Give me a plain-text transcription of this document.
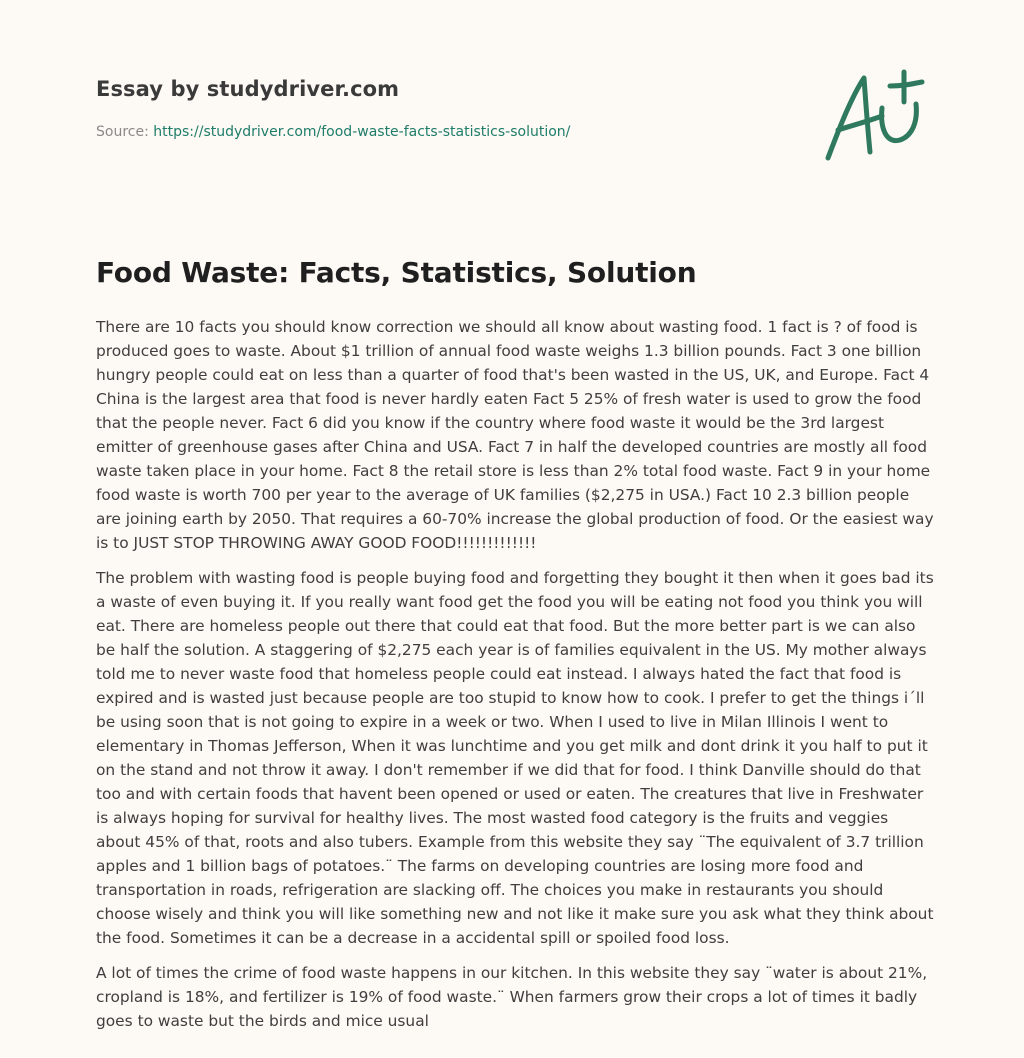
Essay by studydriver.com

Source: https://studydriver.com/food-waste-facts-statistics-solution/

Food Waste: Facts, Statistics, Solution

There are 10 facts you should know correction we should all know about wasting food. 1 fact is ? of food is produced goes to waste. About $1 trillion of annual food waste weighs 1.3 billion pounds. Fact 3 one billion hungry people could eat on less than a quarter of food that's been wasted in the US, UK, and Europe. Fact 4 China is the largest area that food is never hardly eaten Fact 5 25% of fresh water is used to grow the food that the people never. Fact 6 did you know if the country where food waste it would be the 3rd largest emitter of greenhouse gases after China and USA. Fact 7 in half the developed countries are mostly all food waste taken place in your home. Fact 8 the retail store is less than 2% total food waste. Fact 9 in your home food waste is worth 700 per year to the average of UK families ($2,275 in USA.) Fact 10 2.3 billion people are joining earth by 2050. That requires a 60-70% increase the global production of food. Or the easiest way is to JUST STOP THROWING AWAY GOOD FOOD!!!!!!!!!!!!!

The problem with wasting food is people buying food and forgetting they bought it then when it goes bad its a waste of even buying it. If you really want food get the food you will be eating not food you think you will eat. There are homeless people out there that could eat that food. But the more better part is we can also be half the solution. A staggering of $2,275 each year is of families equivalent in the US. My mother always told me to never waste food that homeless people could eat instead. I always hated the fact that food is expired and is wasted just because people are too stupid to know how to cook. I prefer to get the things i´ll be using soon that is not going to expire in a week or two. When I used to live in Milan Illinois I went to elementary in Thomas Jefferson, When it was lunchtime and you get milk and dont drink it you half to put it on the stand and not throw it away. I don't remember if we did that for food. I think Danville should do that too and with certain foods that havent been opened or used or eaten. The creatures that live in Freshwater is always hoping for survival for healthy lives. The most wasted food category is the fruits and veggies about 45% of that, roots and also tubers. Example from this website they say ¨The equivalent of 3.7 trillion apples and 1 billion bags of potatoes.¨ The farms on developing countries are losing more food and transportation in roads, refrigeration are slacking off. The choices you make in restaurants you should choose wisely and think you will like something new and not like it make sure you ask what they think about the food. Sometimes it can be a decrease in a accidental spill or spoiled food loss.

A lot of times the crime of food waste happens in our kitchen. In this website they say ¨water is about 21%, cropland is 18%, and fertilizer is 19% of food waste.¨ When farmers grow their crops a lot of times it badly goes to waste but the birds and mice usual
